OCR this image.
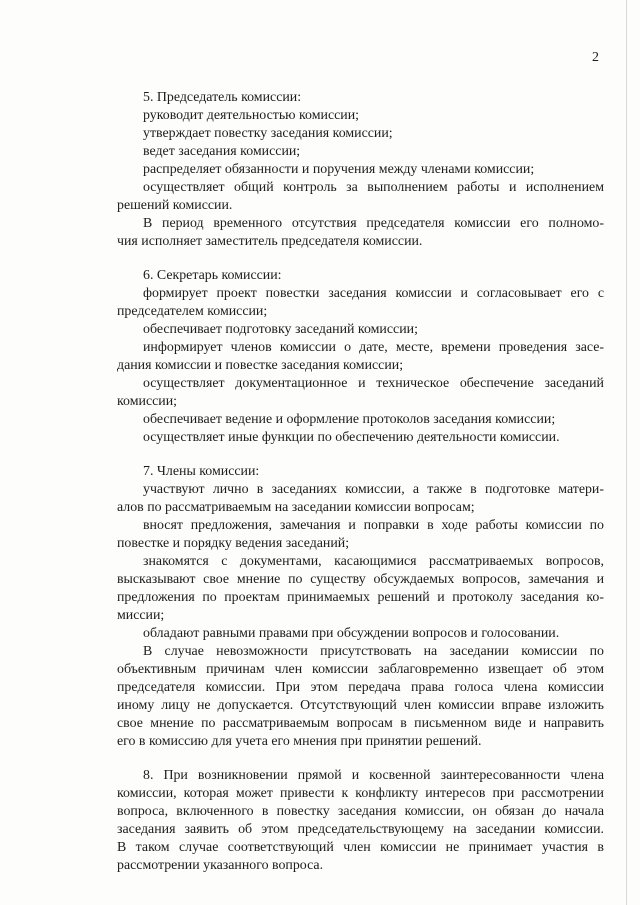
2
5. Председатель комиссии:
руководит деятельностью комиссии;
утверждает повестку заседания комиссии;
ведет заседания комиссии;
распределяет обязанности и поручения между членами комиссии;
осуществляет общий контроль за выполнением работы и исполнением
решений комиссии.
В период временного отсутствия председателя комиссии его полномо-
чия исполняет заместитель председателя комиссии.
6. Секретарь комиссии:
формирует проект повестки заседания комиссии и согласовывает его с
председателем комиссии;
обеспечивает подготовку заседаний комиссии;
информирует членов комиссии о дате, месте, времени проведения засе-
дания комиссии и повестке заседания комиссии;
осуществляет документационное и техническое обеспечение заседаний
комиссии;
обеспечивает ведение и оформление протоколов заседания комиссии;
осуществляет иные функции по обеспечению деятельности комиссии.
7. Члены комиссии:
участвуют лично в заседаниях комиссии, а также в подготовке матери-
алов по рассматриваемым на заседании комиссии вопросам;
вносят предложения, замечания и поправки в ходе работы комиссии по
повестке и порядку ведения заседаний;
знакомятся с документами, касающимися рассматриваемых вопросов,
высказывают свое мнение по существу обсуждаемых вопросов, замечания и
предложения по проектам принимаемых решений и протоколу заседания ко-
миссии;
обладают равными правами при обсуждении вопросов и голосовании.
В случае невозможности присутствовать на заседании комиссии по
объективным причинам член комиссии заблаговременно извещает об этом
председателя комиссии. При этом передача права голоса члена комиссии
иному лицу не допускается. Отсутствующий член комиссии вправе изложить
свое мнение по рассматриваемым вопросам в письменном виде и направить
его в комиссию для учета его мнения при принятии решений.
8. При возникновении прямой и косвенной заинтересованности члена
комиссии, которая может привести к конфликту интересов при рассмотрении
вопроса, включенного в повестку заседания комиссии, он обязан до начала
заседания заявить об этом председательствующему на заседании комиссии.
В таком случае соответствующий член комиссии не принимает участия в
рассмотрении указанного вопроса.
